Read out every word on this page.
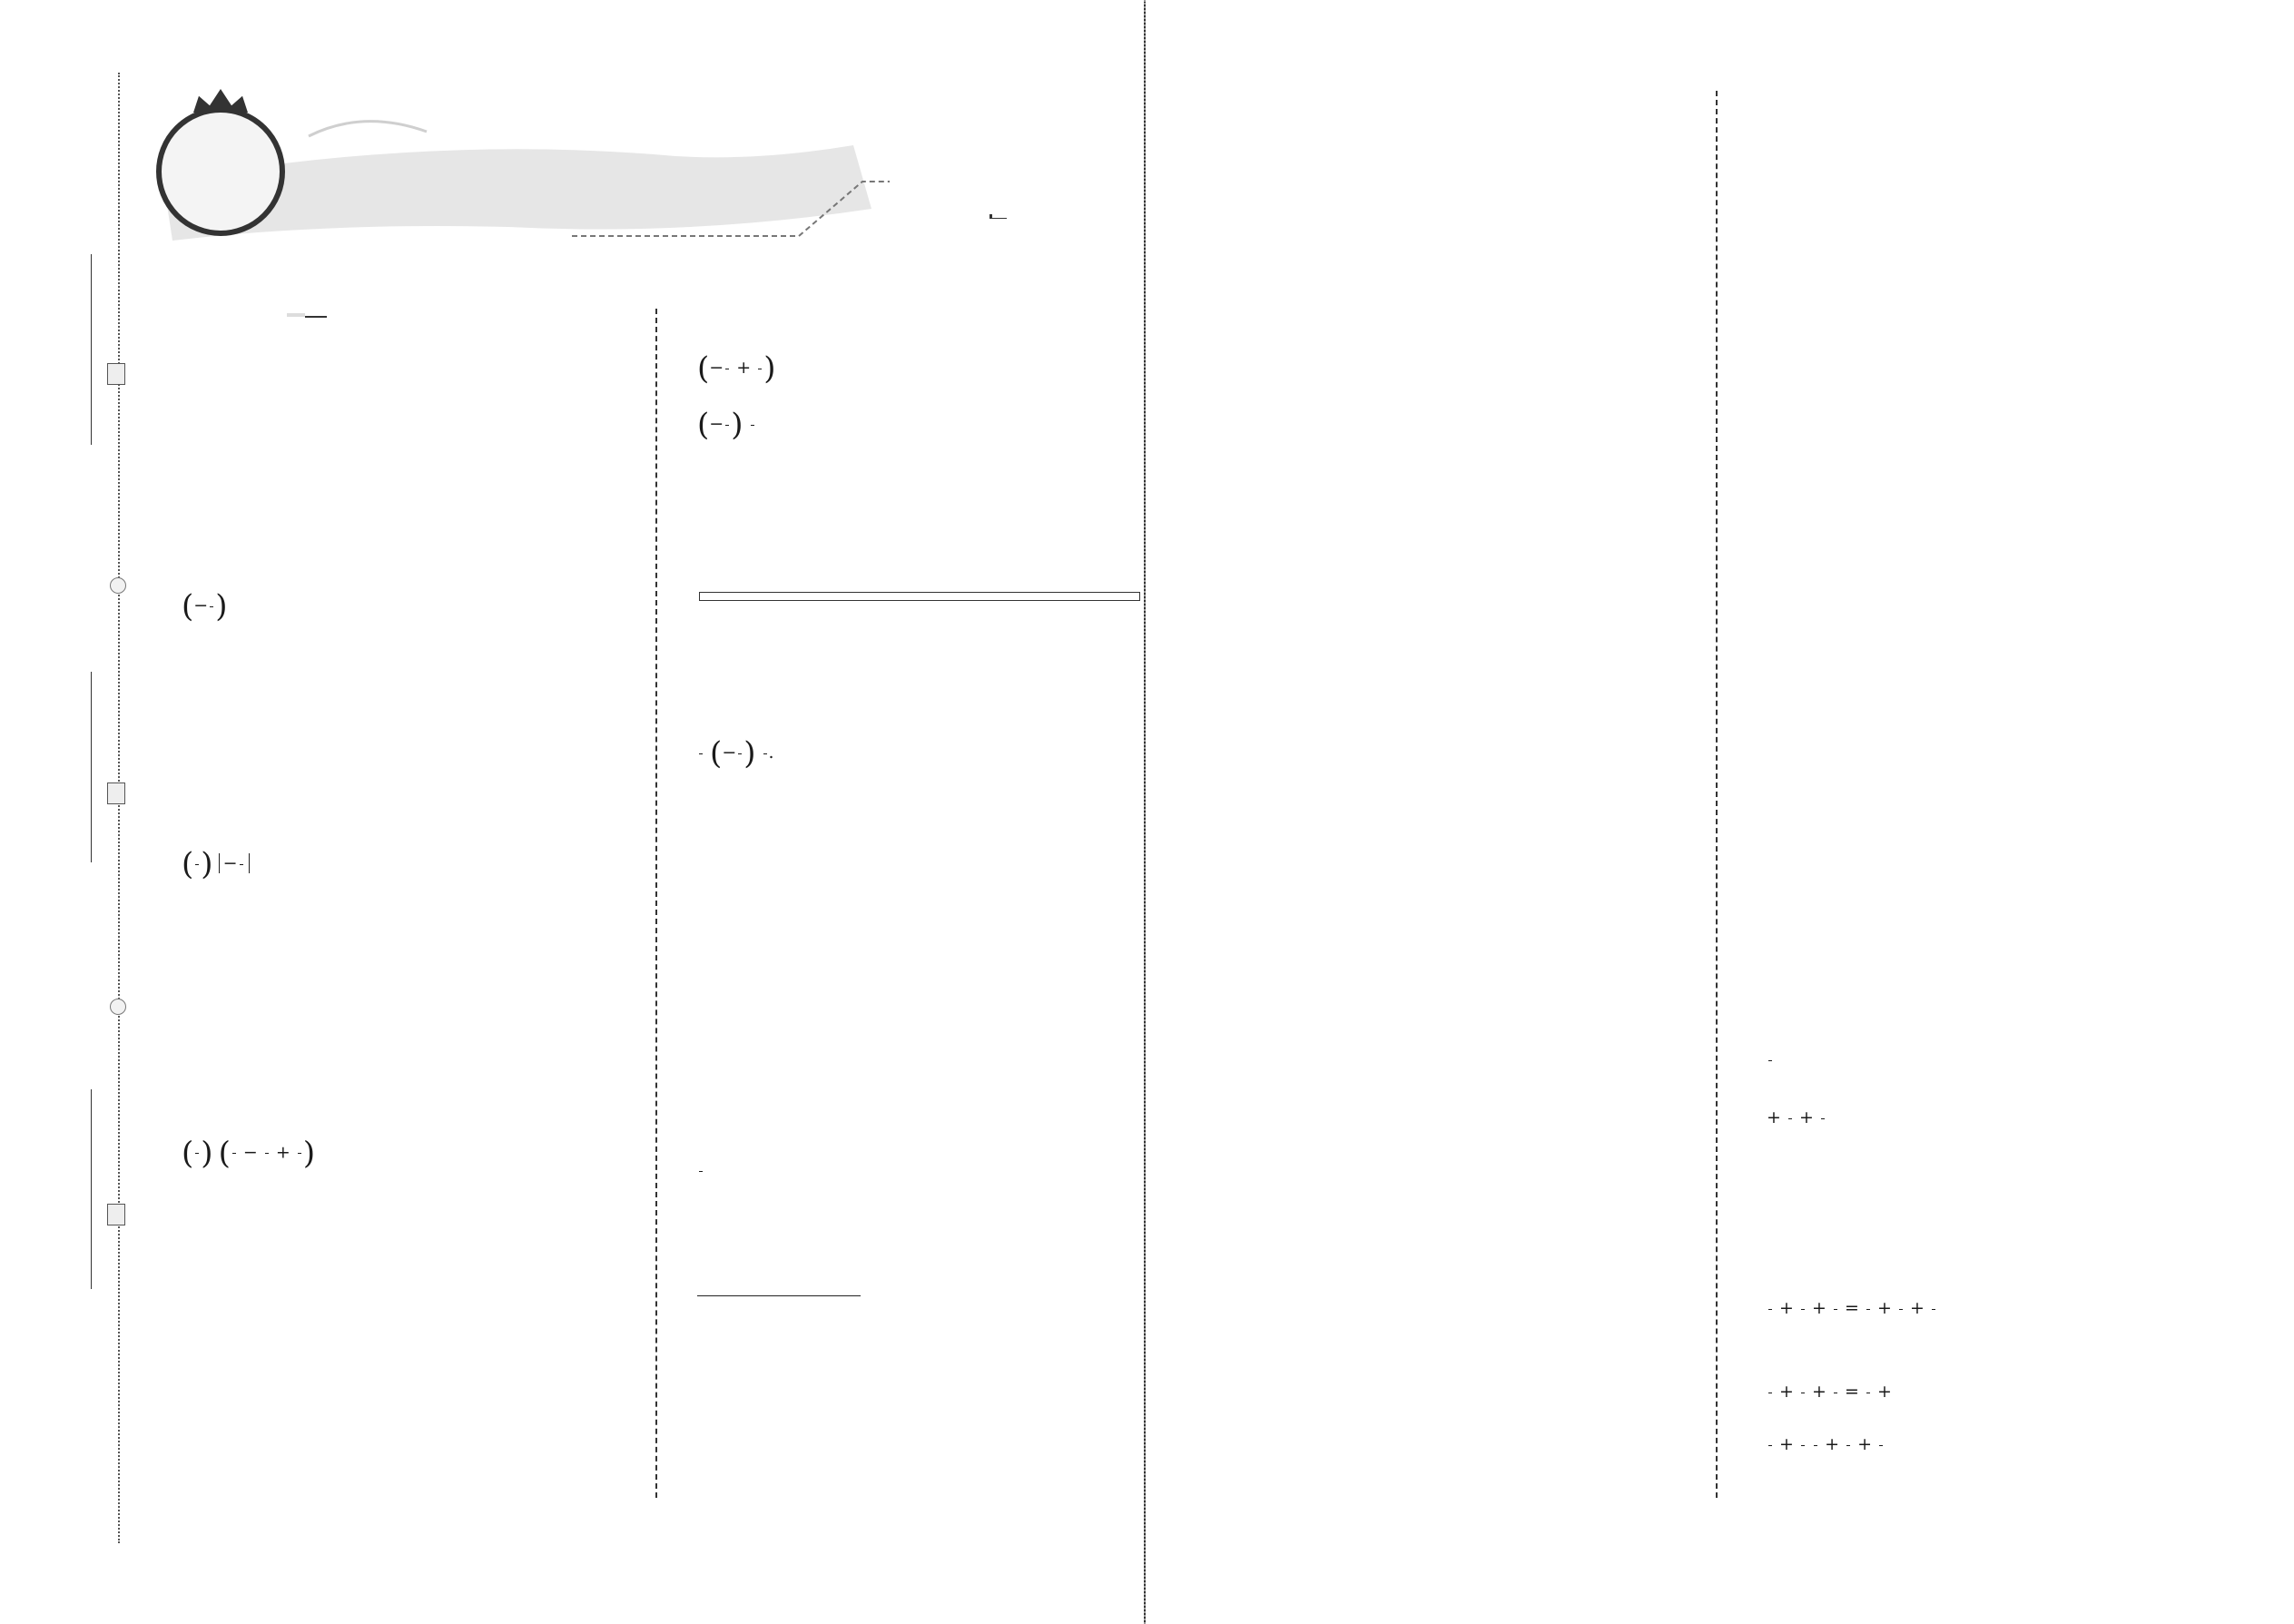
(− )
( ) −
( ) (
−
+
)
(−
+
)
(− )
(− ) .
+
+
+
+
=
+
+
+
+
=
+
+

+
+
